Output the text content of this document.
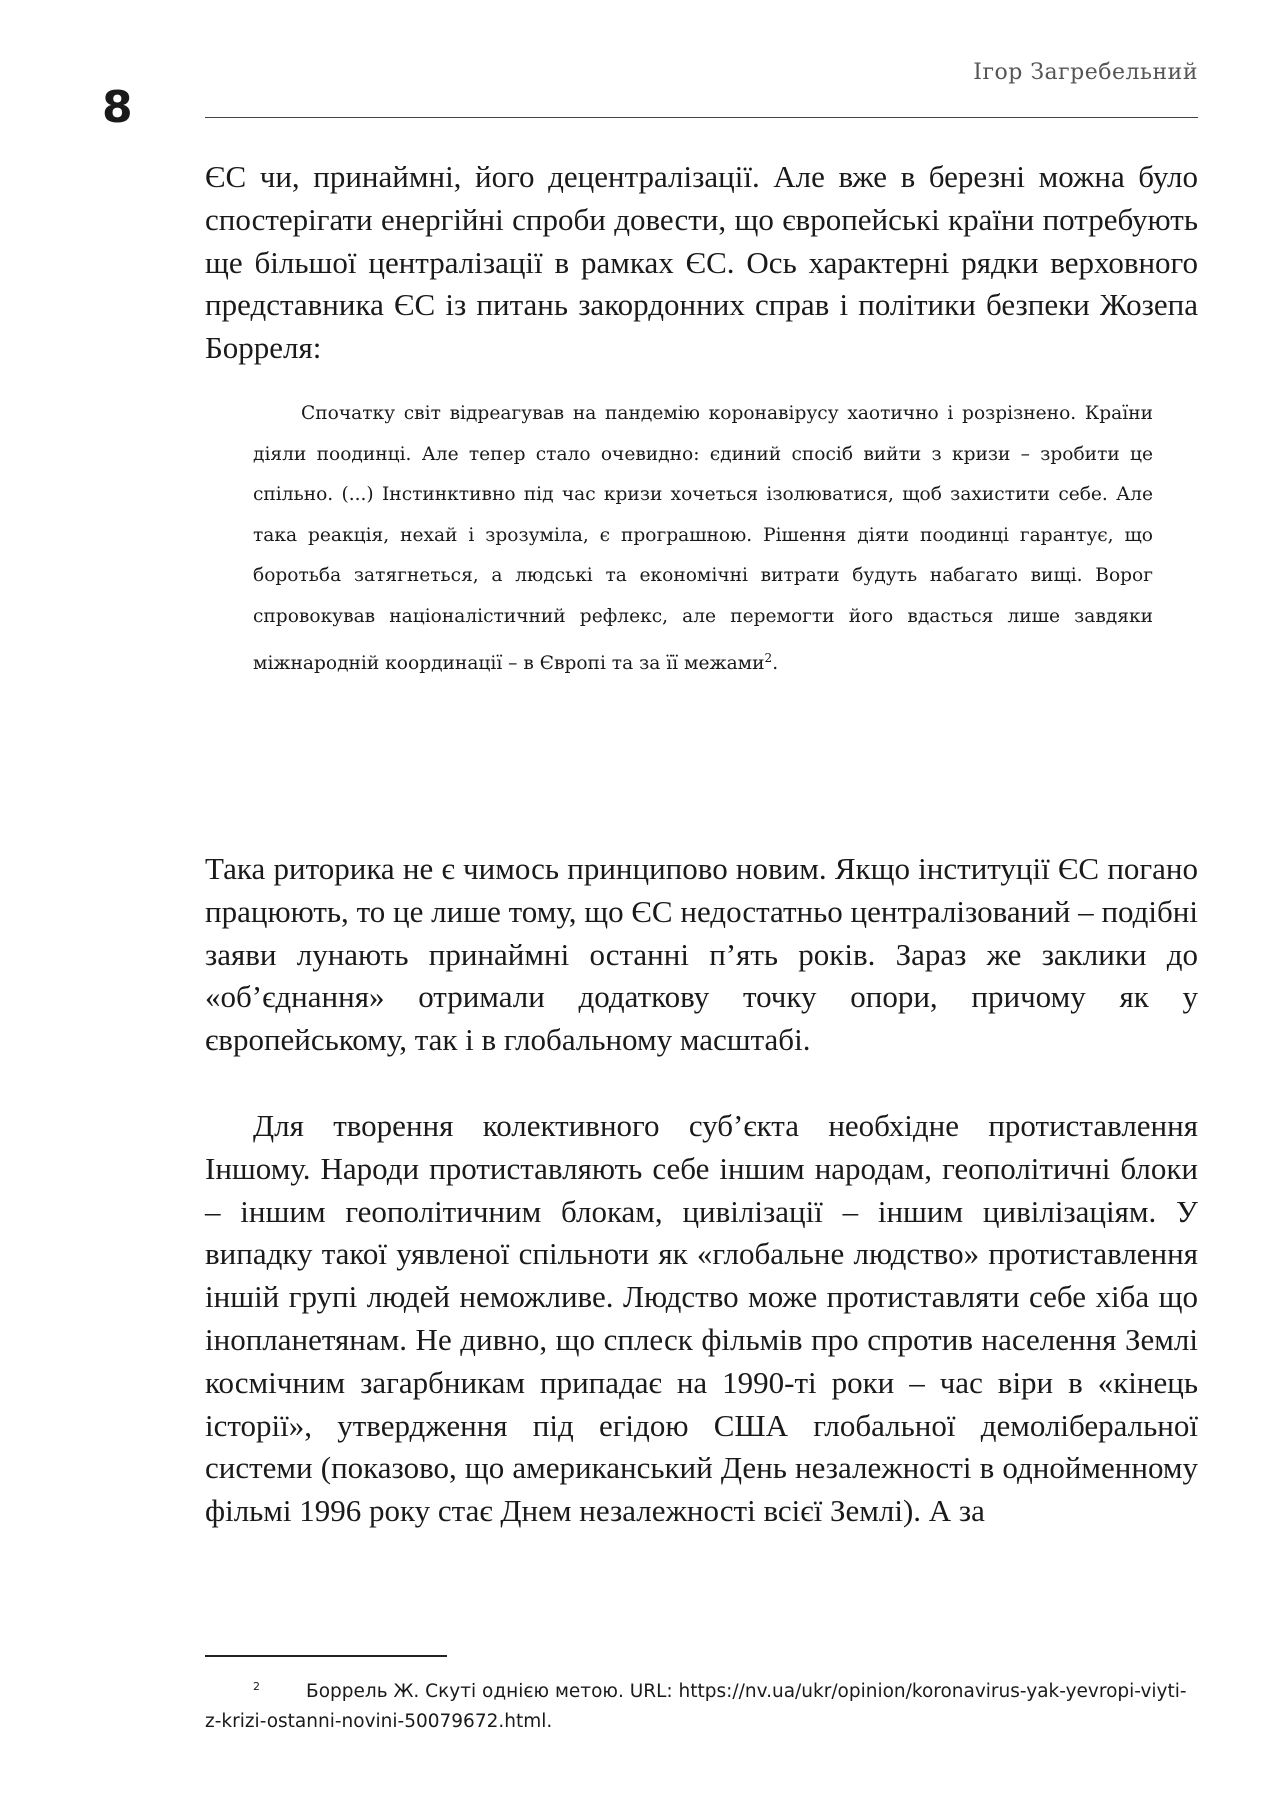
8
Ігор Загребельний

ЄС чи, принаймні, його децентралізації. Але вже в березні можна було спостерігати енергійні спроби довести, що європейські країни потребують ще більшої централізації в рамках ЄС. Ось характерні рядки верховного представника ЄС із питань закордонних справ і політики безпеки Жозепа Борреля:

Спочатку світ відреагував на пандемію коронавірусу хаотично і розрізнено. Країни діяли поодинці. Але тепер стало очевидно: єдиний спосіб вийти з кризи – зробити це спільно. (...) Інстинктивно під час кризи хочеться ізолюватися, щоб захистити себе. Але така реакція, нехай і зрозуміла, є програшною. Рішення діяти поодинці гарантує, що боротьба затягнеться, а людські та економічні витрати будуть набагато вищі. Ворог спровокував націоналістичний рефлекс, але перемогти його вдасться лише завдяки міжнародній координації – в Європі та за її межами$^2$.

Така риторика не є чимось принципово новим. Якщо інституції ЄС погано працюють, то це лише тому, що ЄС недостатньо централізований – подібні заяви лунають принаймні останні п’ять років. Зараз же заклики до «об’єднання» отримали додаткову точку опори, причому як у європейському, так і в глобальному масштабі.

Для творення колективного суб’єкта необхідне протиставлення Іншому. Народи протиставляють себе іншим народам, геополітичні блоки – іншим геополітичним блокам, цивілізації – іншим цивілізаціям. У випадку такої уявленої спільноти як «глобальне людство» протиставлення іншій групі людей неможливе. Людство може протиставляти себе хіба що інопланетянам. Не дивно, що сплеск фільмів про спротив населення Землі космічним загарбникам припадає на 1990-ті роки – час віри в «кінець історії», утвердження під егідою США глобальної демоліберальної системи (показово, що американський День незалежності в однойменному фільмі 1996 року стає Днем незалежності всієї Землі). А за

$^2$ Боррель Ж. Скуті однією метою. URL: https://nv.ua/ukr/opinion/koronavirus-yak-yevropi-viyti-z-krizi-ostanni-novini-50079672.html.
